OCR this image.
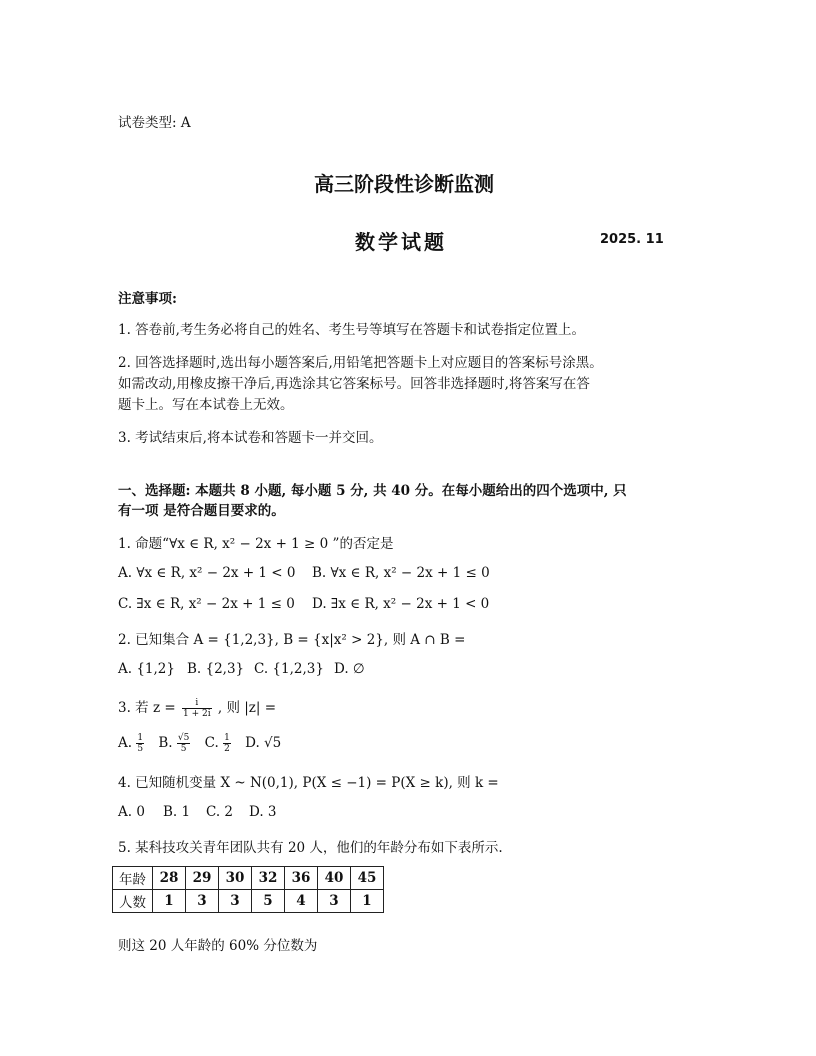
试卷类型: A
高三阶段性诊断监测
数学试题	2025. 11
注意事项:
1. 答卷前,考生务必将自己的姓名、考生号等填写在答题卡和试卷指定位置上。
2. 回答选择题时,选出每小题答案后,用铅笔把答题卡上对应题目的答案标号涂黑。
如需改动,用橡皮擦干净后,再选涂其它答案标号。回答非选择题时,将答案写在答
题卡上。写在本试卷上无效。
3. 考试结束后,将本试卷和答题卡一并交回。
一、选择题: 本题共 8 小题, 每小题 5 分, 共 40 分。在每小题给出的四个选项中, 只
有一项 是符合题目要求的。
1. 命题“∀x ∈ R, x² − 2x + 1 ≥ 0 ”的否定是
A. ∀x ∈ R, x² − 2x + 1 < 0 B. ∀x ∈ R, x² − 2x + 1 ≤ 0
C. ∃x ∈ R, x² − 2x + 1 ≤ 0 D. ∃x ∈ R, x² − 2x + 1 < 0
2. 已知集合 A = {1,2,3}, B = {x|x² > 2}, 则 A ∩ B =
A. {1,2} B. {2,3} C. {1,2,3} D. ∅
3. 若 $z = \frac{i}{1 + 2i}$ , 则 |z| =
A. $\frac{1}{5} B$. $\frac{√5}{5} C$. $\frac{1}{2} D$. √5
4. 已知随机变量 X ~ N(0,1), P(X ≤ −1) = P(X ≥ k), 则 k =
A. 0 B. 1 C. 2 D. 3
5. 某科技攻关青年团队共有 20 人，他们的年龄分布如下表所示.
年龄	28	29	30	32	36	40	45
人数	1	3	3	5	4	3	1
则这 20 人年龄的 60% 分位数为
